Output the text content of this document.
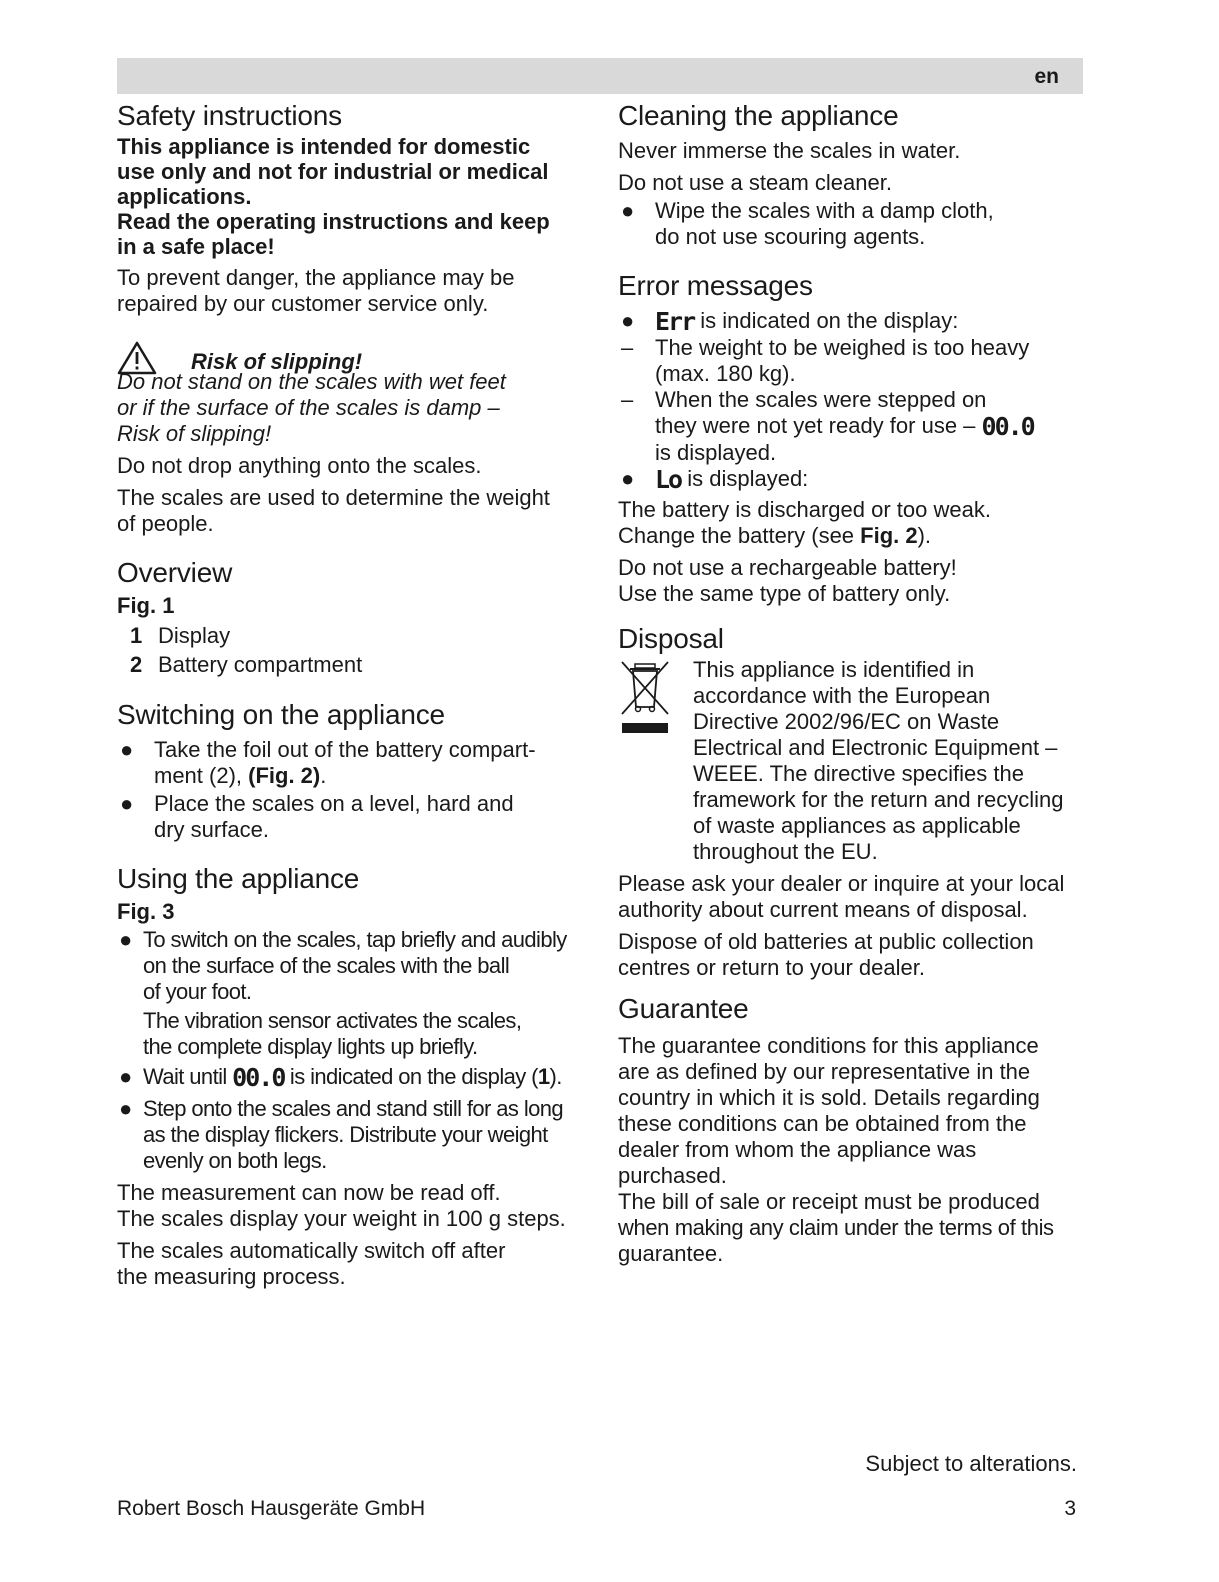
en
Safety instructions

This appliance is intended for domestic

use only and not for industrial or medical

applications.

Read the operating instructions and keep

in a safe place!

To prevent danger, the appliance may be

repaired by our customer service only.

Risk of slipping!

Do not stand on the scales with wet feet

or if the surface of the scales is damp –

Risk of slipping!

Do not drop anything onto the scales.

The scales are used to determine the weight

of people.

Overview

Fig. 1

1 Display
2 Battery compartment
Switching on the appliance
● Take the foil out of the battery compart-
ment (2), (Fig. 2).
● Place the scales on a level, hard and
dry surface.
Using the appliance

Fig. 3

● To switch on the scales, tap briefly and audibly
on the surface of the scales with the ball
of your foot.
The vibration sensor activates the scales,
the complete display lights up briefly.
● Wait until 00.0 is indicated on the display (1).
● Step onto the scales and stand still for as long
as the display flickers. Distribute your weight
evenly on both legs.

The measurement can now be read off.

The scales display your weight in 100 g steps.

The scales automatically switch off after

the measuring process.

Cleaning the appliance

Never immerse the scales in water.

Do not use a steam cleaner.

● Wipe the scales with a damp cloth,
do not use scouring agents.
Error messages
● Err is indicated on the display:
– The weight to be weighed is too heavy
(max. 180 kg).
– When the scales were stepped on
they were not yet ready for use – 00.0
is displayed.
● Lo is displayed:

The battery is discharged or too weak.

Change the battery (see Fig. 2).

Do not use a rechargeable battery!

Use the same type of battery only.

Disposal

This appliance is identified in

accordance with the European

Directive 2002/96/EC on Waste

Electrical and Electronic Equipment –

WEEE. The directive specifies the

framework for the return and recycling

of waste appliances as applicable

throughout the EU.

Please ask your dealer or inquire at your local

authority about current means of disposal.

Dispose of old batteries at public collection

centres or return to your dealer.

Guarantee

The guarantee conditions for this appliance

are as defined by our representative in the

country in which it is sold. Details regarding

these conditions can be obtained from the

dealer from whom the appliance was

purchased.

The bill of sale or receipt must be produced

when making any claim under the terms of this

guarantee.

Subject to alterations.
Robert Bosch Hausgeräte GmbH	3
